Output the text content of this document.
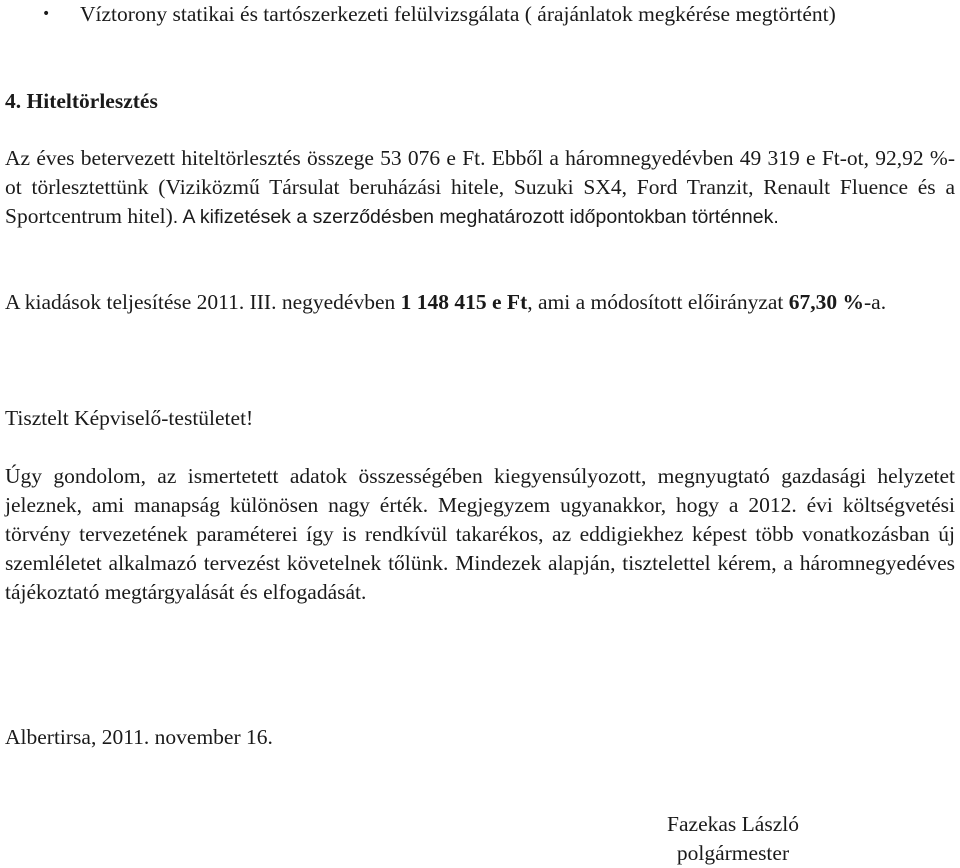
• Víztorony statikai és tartószerkezeti felülvizsgálata ( árajánlatok megkérése megtörtént)
4. Hiteltörlesztés
Az éves betervezett hiteltörlesztés összege 53 076 e Ft. Ebből a háromnegyedévben 49 319 e Ft-ot, 92,92 %-ot törlesztettünk (Viziközmű Társulat beruházási hitele, Suzuki SX4, Ford Tranzit, Renault Fluence és a Sportcentrum hitel). A kifizetések a szerződésben meghatározott időpontokban történnek.
A kiadások teljesítése 2011. III. negyedévben 1 148 415 e Ft, ami a módosított előirányzat 67,30 %-a.
Tisztelt Képviselő-testületet!
Úgy gondolom, az ismertetett adatok összességében kiegyensúlyozott, megnyugtató gazdasági helyzetet jeleznek, ami manapság különösen nagy érték. Megjegyzem ugyanakkor, hogy a 2012. évi költségvetési törvény tervezetének paraméterei így is rendkívül takarékos, az eddigiekhez képest több vonatkozásban új szemléletet alkalmazó tervezést követelnek tőlünk. Mindezek alapján, tisztelettel kérem, a háromnegyedéves tájékoztató megtárgyalását és elfogadását.
Albertirsa, 2011. november 16.
Fazekas László
polgármester
